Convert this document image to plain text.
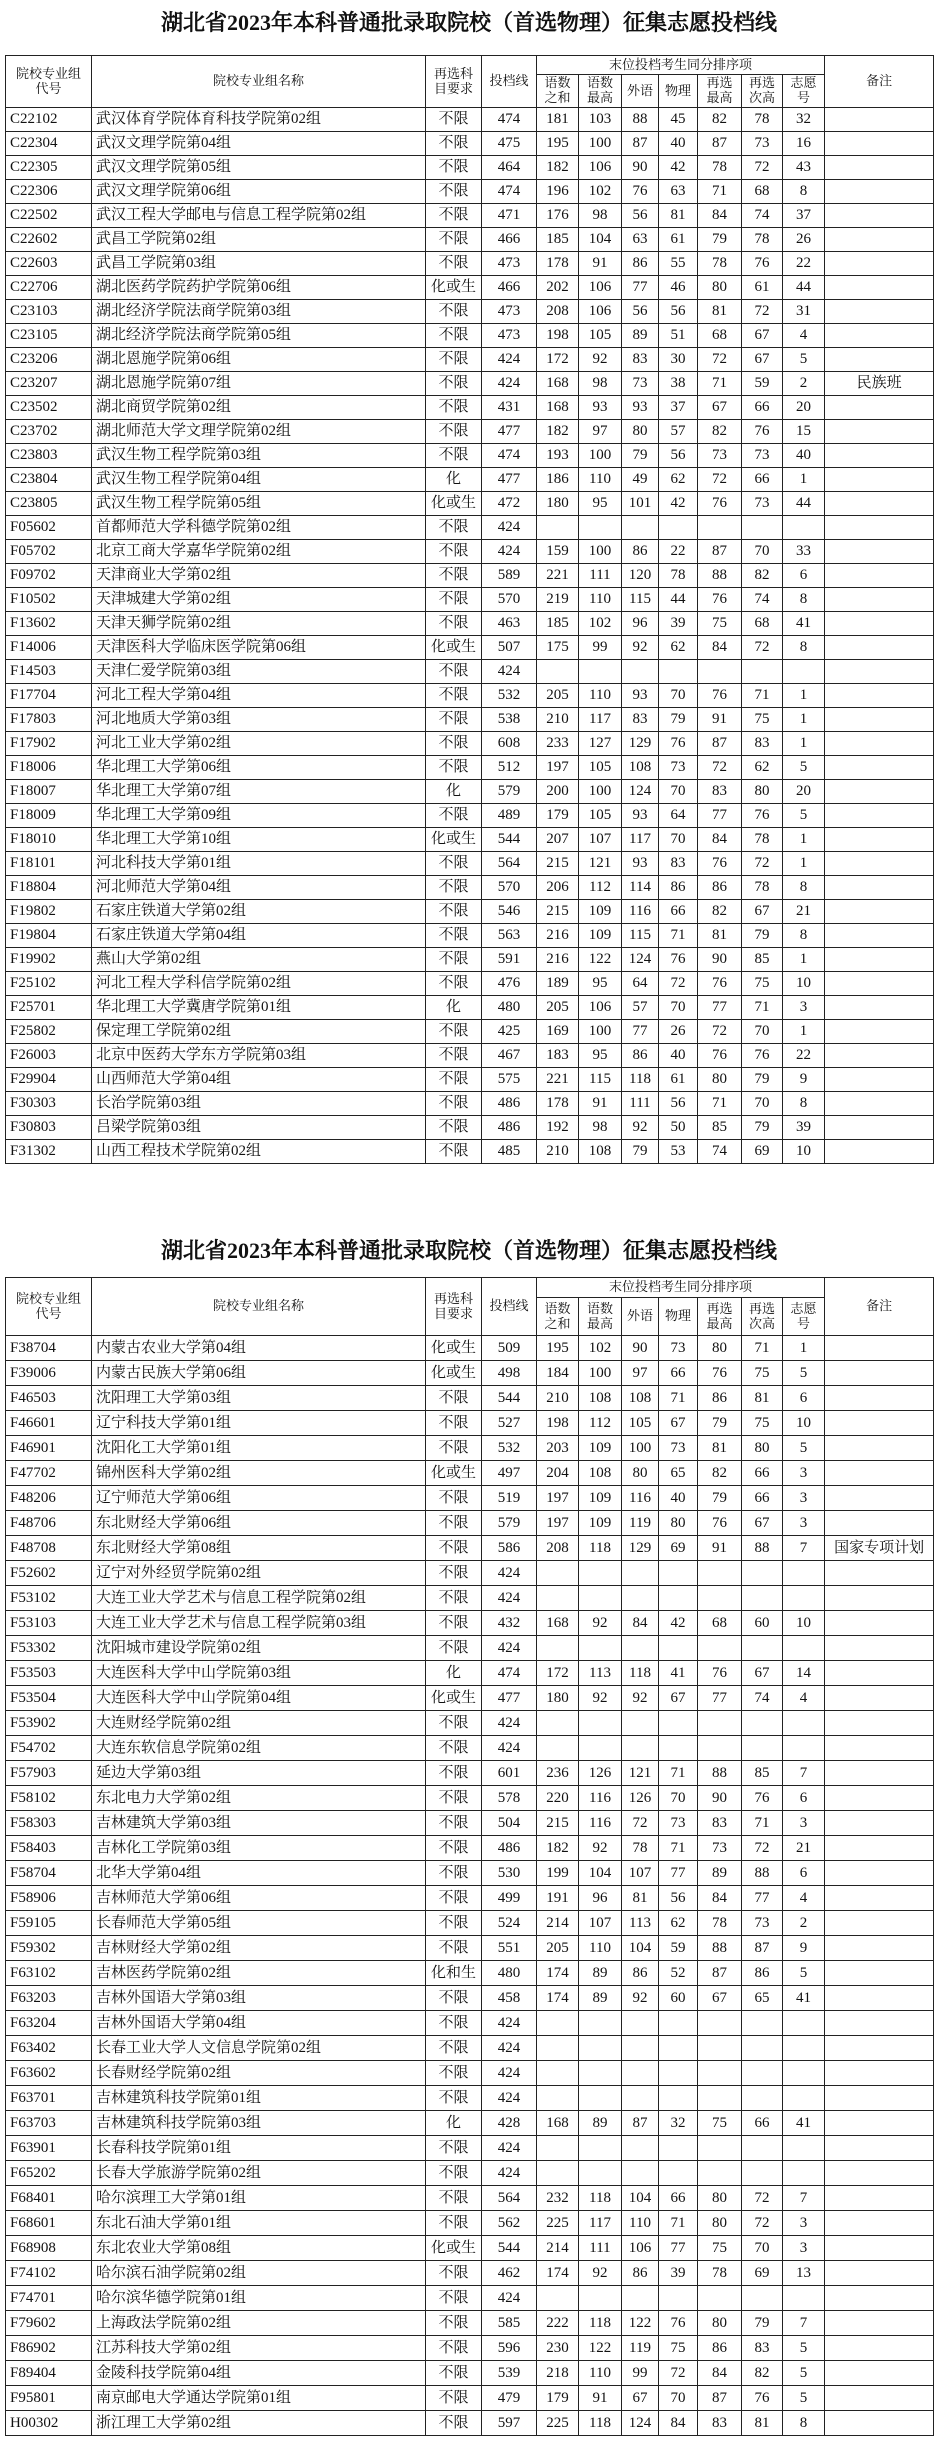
湖北省2023年本科普通批录取院校（首选物理）征集志愿投档线
院校专业组代号	院校专业组名称	再选科目要求	投档线	末位投档考生同分排序项							备注
				语数之和	语数最高	外语	物理	再选最高	再选次高	志愿号	
C22102	武汉体育学院体育科技学院第02组	不限	474	181	103	88	45	82	78	32	
C22304	武汉文理学院第04组	不限	475	195	100	87	40	87	73	16	
C22305	武汉文理学院第05组	不限	464	182	106	90	42	78	72	43	
C22306	武汉文理学院第06组	不限	474	196	102	76	63	71	68	8	
C22502	武汉工程大学邮电与信息工程学院第02组	不限	471	176	98	56	81	84	74	37	
C22602	武昌工学院第02组	不限	466	185	104	63	61	79	78	26	
C22603	武昌工学院第03组	不限	473	178	91	86	55	78	76	22	
C22706	湖北医药学院药护学院第06组	化或生	466	202	106	77	46	80	61	44	
C23103	湖北经济学院法商学院第03组	不限	473	208	106	56	56	81	72	31	
C23105	湖北经济学院法商学院第05组	不限	473	198	105	89	51	68	67	4	
C23206	湖北恩施学院第06组	不限	424	172	92	83	30	72	67	5	
C23207	湖北恩施学院第07组	不限	424	168	98	73	38	71	59	2	民族班
C23502	湖北商贸学院第02组	不限	431	168	93	93	37	67	66	20	
C23702	湖北师范大学文理学院第02组	不限	477	182	97	80	57	82	76	15	
C23803	武汉生物工程学院第03组	不限	474	193	100	79	56	73	73	40	
C23804	武汉生物工程学院第04组	化	477	186	110	49	62	72	66	1	
C23805	武汉生物工程学院第05组	化或生	472	180	95	101	42	76	73	44	
F05602	首都师范大学科德学院第02组	不限	424								
F05702	北京工商大学嘉华学院第02组	不限	424	159	100	86	22	87	70	33	
F09702	天津商业大学第02组	不限	589	221	111	120	78	88	82	6	
F10502	天津城建大学第02组	不限	570	219	110	115	44	76	74	8	
F13602	天津天狮学院第02组	不限	463	185	102	96	39	75	68	41	
F14006	天津医科大学临床医学院第06组	化或生	507	175	99	92	62	84	72	8	
F14503	天津仁爱学院第03组	不限	424								
F17704	河北工程大学第04组	不限	532	205	110	93	70	76	71	1	
F17803	河北地质大学第03组	不限	538	210	117	83	79	91	75	1	
F17902	河北工业大学第02组	不限	608	233	127	129	76	87	83	1	
F18006	华北理工大学第06组	不限	512	197	105	108	73	72	62	5	
F18007	华北理工大学第07组	化	579	200	100	124	70	83	80	20	
F18009	华北理工大学第09组	不限	489	179	105	93	64	77	76	5	
F18010	华北理工大学第10组	化或生	544	207	107	117	70	84	78	1	
F18101	河北科技大学第01组	不限	564	215	121	93	83	76	72	1	
F18804	河北师范大学第04组	不限	570	206	112	114	86	86	78	8	
F19802	石家庄铁道大学第02组	不限	546	215	109	116	66	82	67	21	
F19804	石家庄铁道大学第04组	不限	563	216	109	115	71	81	79	8	
F19902	燕山大学第02组	不限	591	216	122	124	76	90	85	1	
F25102	河北工程大学科信学院第02组	不限	476	189	95	64	72	76	75	10	
F25701	华北理工大学冀唐学院第01组	化	480	205	106	57	70	77	71	3	
F25802	保定理工学院第02组	不限	425	169	100	77	26	72	70	1	
F26003	北京中医药大学东方学院第03组	不限	467	183	95	86	40	76	76	22	
F29904	山西师范大学第04组	不限	575	221	115	118	61	80	79	9	
F30303	长治学院第03组	不限	486	178	91	111	56	71	70	8	
F30803	吕梁学院第03组	不限	486	192	98	92	50	85	79	39	
F31302	山西工程技术学院第02组	不限	485	210	108	79	53	74	69	10	
湖北省2023年本科普通批录取院校（首选物理）征集志愿投档线
院校专业组代号	院校专业组名称	再选科目要求	投档线	末位投档考生同分排序项							备注
				语数之和	语数最高	外语	物理	再选最高	再选次高	志愿号	
F38704	内蒙古农业大学第04组	化或生	509	195	102	90	73	80	71	1	
F39006	内蒙古民族大学第06组	化或生	498	184	100	97	66	76	75	5	
F46503	沈阳理工大学第03组	不限	544	210	108	108	71	86	81	6	
F46601	辽宁科技大学第01组	不限	527	198	112	105	67	79	75	10	
F46901	沈阳化工大学第01组	不限	532	203	109	100	73	81	80	5	
F47702	锦州医科大学第02组	化或生	497	204	108	80	65	82	66	3	
F48206	辽宁师范大学第06组	不限	519	197	109	116	40	79	66	3	
F48706	东北财经大学第06组	不限	579	197	109	119	80	76	67	3	
F48708	东北财经大学第08组	不限	586	208	118	129	69	91	88	7	国家专项计划
F52602	辽宁对外经贸学院第02组	不限	424								
F53102	大连工业大学艺术与信息工程学院第02组	不限	424								
F53103	大连工业大学艺术与信息工程学院第03组	不限	432	168	92	84	42	68	60	10	
F53302	沈阳城市建设学院第02组	不限	424								
F53503	大连医科大学中山学院第03组	化	474	172	113	118	41	76	67	14	
F53504	大连医科大学中山学院第04组	化或生	477	180	92	92	67	77	74	4	
F53902	大连财经学院第02组	不限	424								
F54702	大连东软信息学院第02组	不限	424								
F57903	延边大学第03组	不限	601	236	126	121	71	88	85	7	
F58102	东北电力大学第02组	不限	578	220	116	126	70	90	76	6	
F58303	吉林建筑大学第03组	不限	504	215	116	72	73	83	71	3	
F58403	吉林化工学院第03组	不限	486	182	92	78	71	73	72	21	
F58704	北华大学第04组	不限	530	199	104	107	77	89	88	6	
F58906	吉林师范大学第06组	不限	499	191	96	81	56	84	77	4	
F59105	长春师范大学第05组	不限	524	214	107	113	62	78	73	2	
F59302	吉林财经大学第02组	不限	551	205	110	104	59	88	87	9	
F63102	吉林医药学院第02组	化和生	480	174	89	86	52	87	86	5	
F63203	吉林外国语大学第03组	不限	458	174	89	92	60	67	65	41	
F63204	吉林外国语大学第04组	不限	424								
F63402	长春工业大学人文信息学院第02组	不限	424								
F63602	长春财经学院第02组	不限	424								
F63701	吉林建筑科技学院第01组	不限	424								
F63703	吉林建筑科技学院第03组	化	428	168	89	87	32	75	66	41	
F63901	长春科技学院第01组	不限	424								
F65202	长春大学旅游学院第02组	不限	424								
F68401	哈尔滨理工大学第01组	不限	564	232	118	104	66	80	72	7	
F68601	东北石油大学第01组	不限	562	225	117	110	71	80	72	3	
F68908	东北农业大学第08组	化或生	544	214	111	106	77	75	70	3	
F74102	哈尔滨石油学院第02组	不限	462	174	92	86	39	78	69	13	
F74701	哈尔滨华德学院第01组	不限	424								
F79602	上海政法学院第02组	不限	585	222	118	122	76	80	79	7	
F86902	江苏科技大学第02组	不限	596	230	122	119	75	86	83	5	
F89404	金陵科技学院第04组	不限	539	218	110	99	72	84	82	5	
F95801	南京邮电大学通达学院第01组	不限	479	179	91	67	70	87	76	5	
H00302	浙江理工大学第02组	不限	597	225	118	124	84	83	81	8	
